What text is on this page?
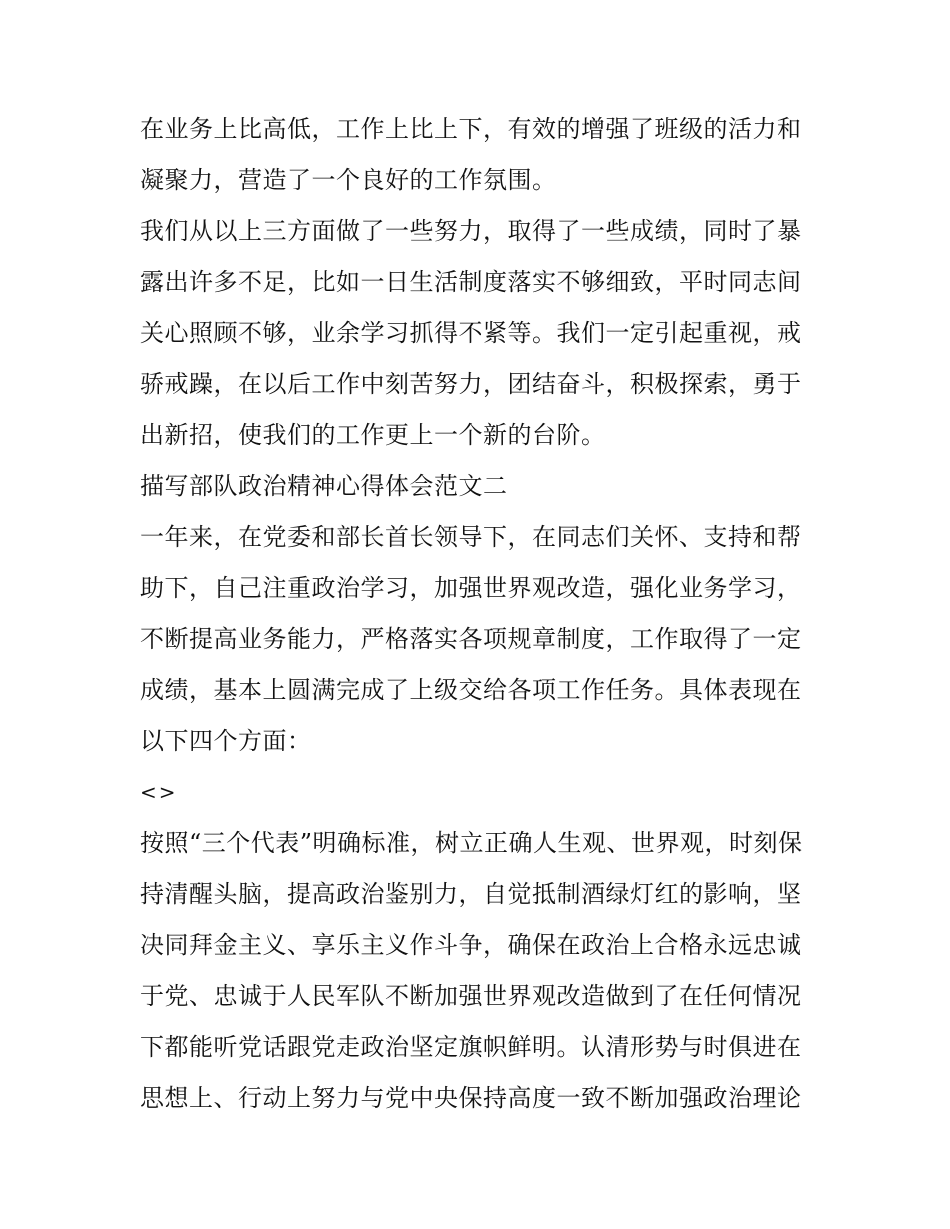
在业务上比高低，工作上比上下，有效的增强了班级的活力和
凝聚力，营造了一个良好的工作氛围。
我们从以上三方面做了一些努力，取得了一些成绩，同时了暴
露出许多不足，比如一日生活制度落实不够细致，平时同志间
关心照顾不够，业余学习抓得不紧等。我们一定引起重视，戒
骄戒躁，在以后工作中刻苦努力，团结奋斗，积极探索，勇于
出新招，使我们的工作更上一个新的台阶。
描写部队政治精神心得体会范文二
一年来，在党委和部长首长领导下，在同志们关怀、支持和帮
助下，自己注重政治学习，加强世界观改造，强化业务学习，
不断提高业务能力，严格落实各项规章制度，工作取得了一定
成绩，基本上圆满完成了上级交给各项工作任务。具体表现在
以下四个方面：
<>
按照“三个代表”明确标准，树立正确人生观、世界观，时刻保
持清醒头脑，提高政治鉴别力，自觉抵制酒绿灯红的影响，坚
决同拜金主义、享乐主义作斗争，确保在政治上合格永远忠诚
于党、忠诚于人民军队不断加强世界观改造做到了在任何情况
下都能听党话跟党走政治坚定旗帜鲜明。认清形势与时俱进在
思想上、行动上努力与党中央保持高度一致不断加强政治理论
